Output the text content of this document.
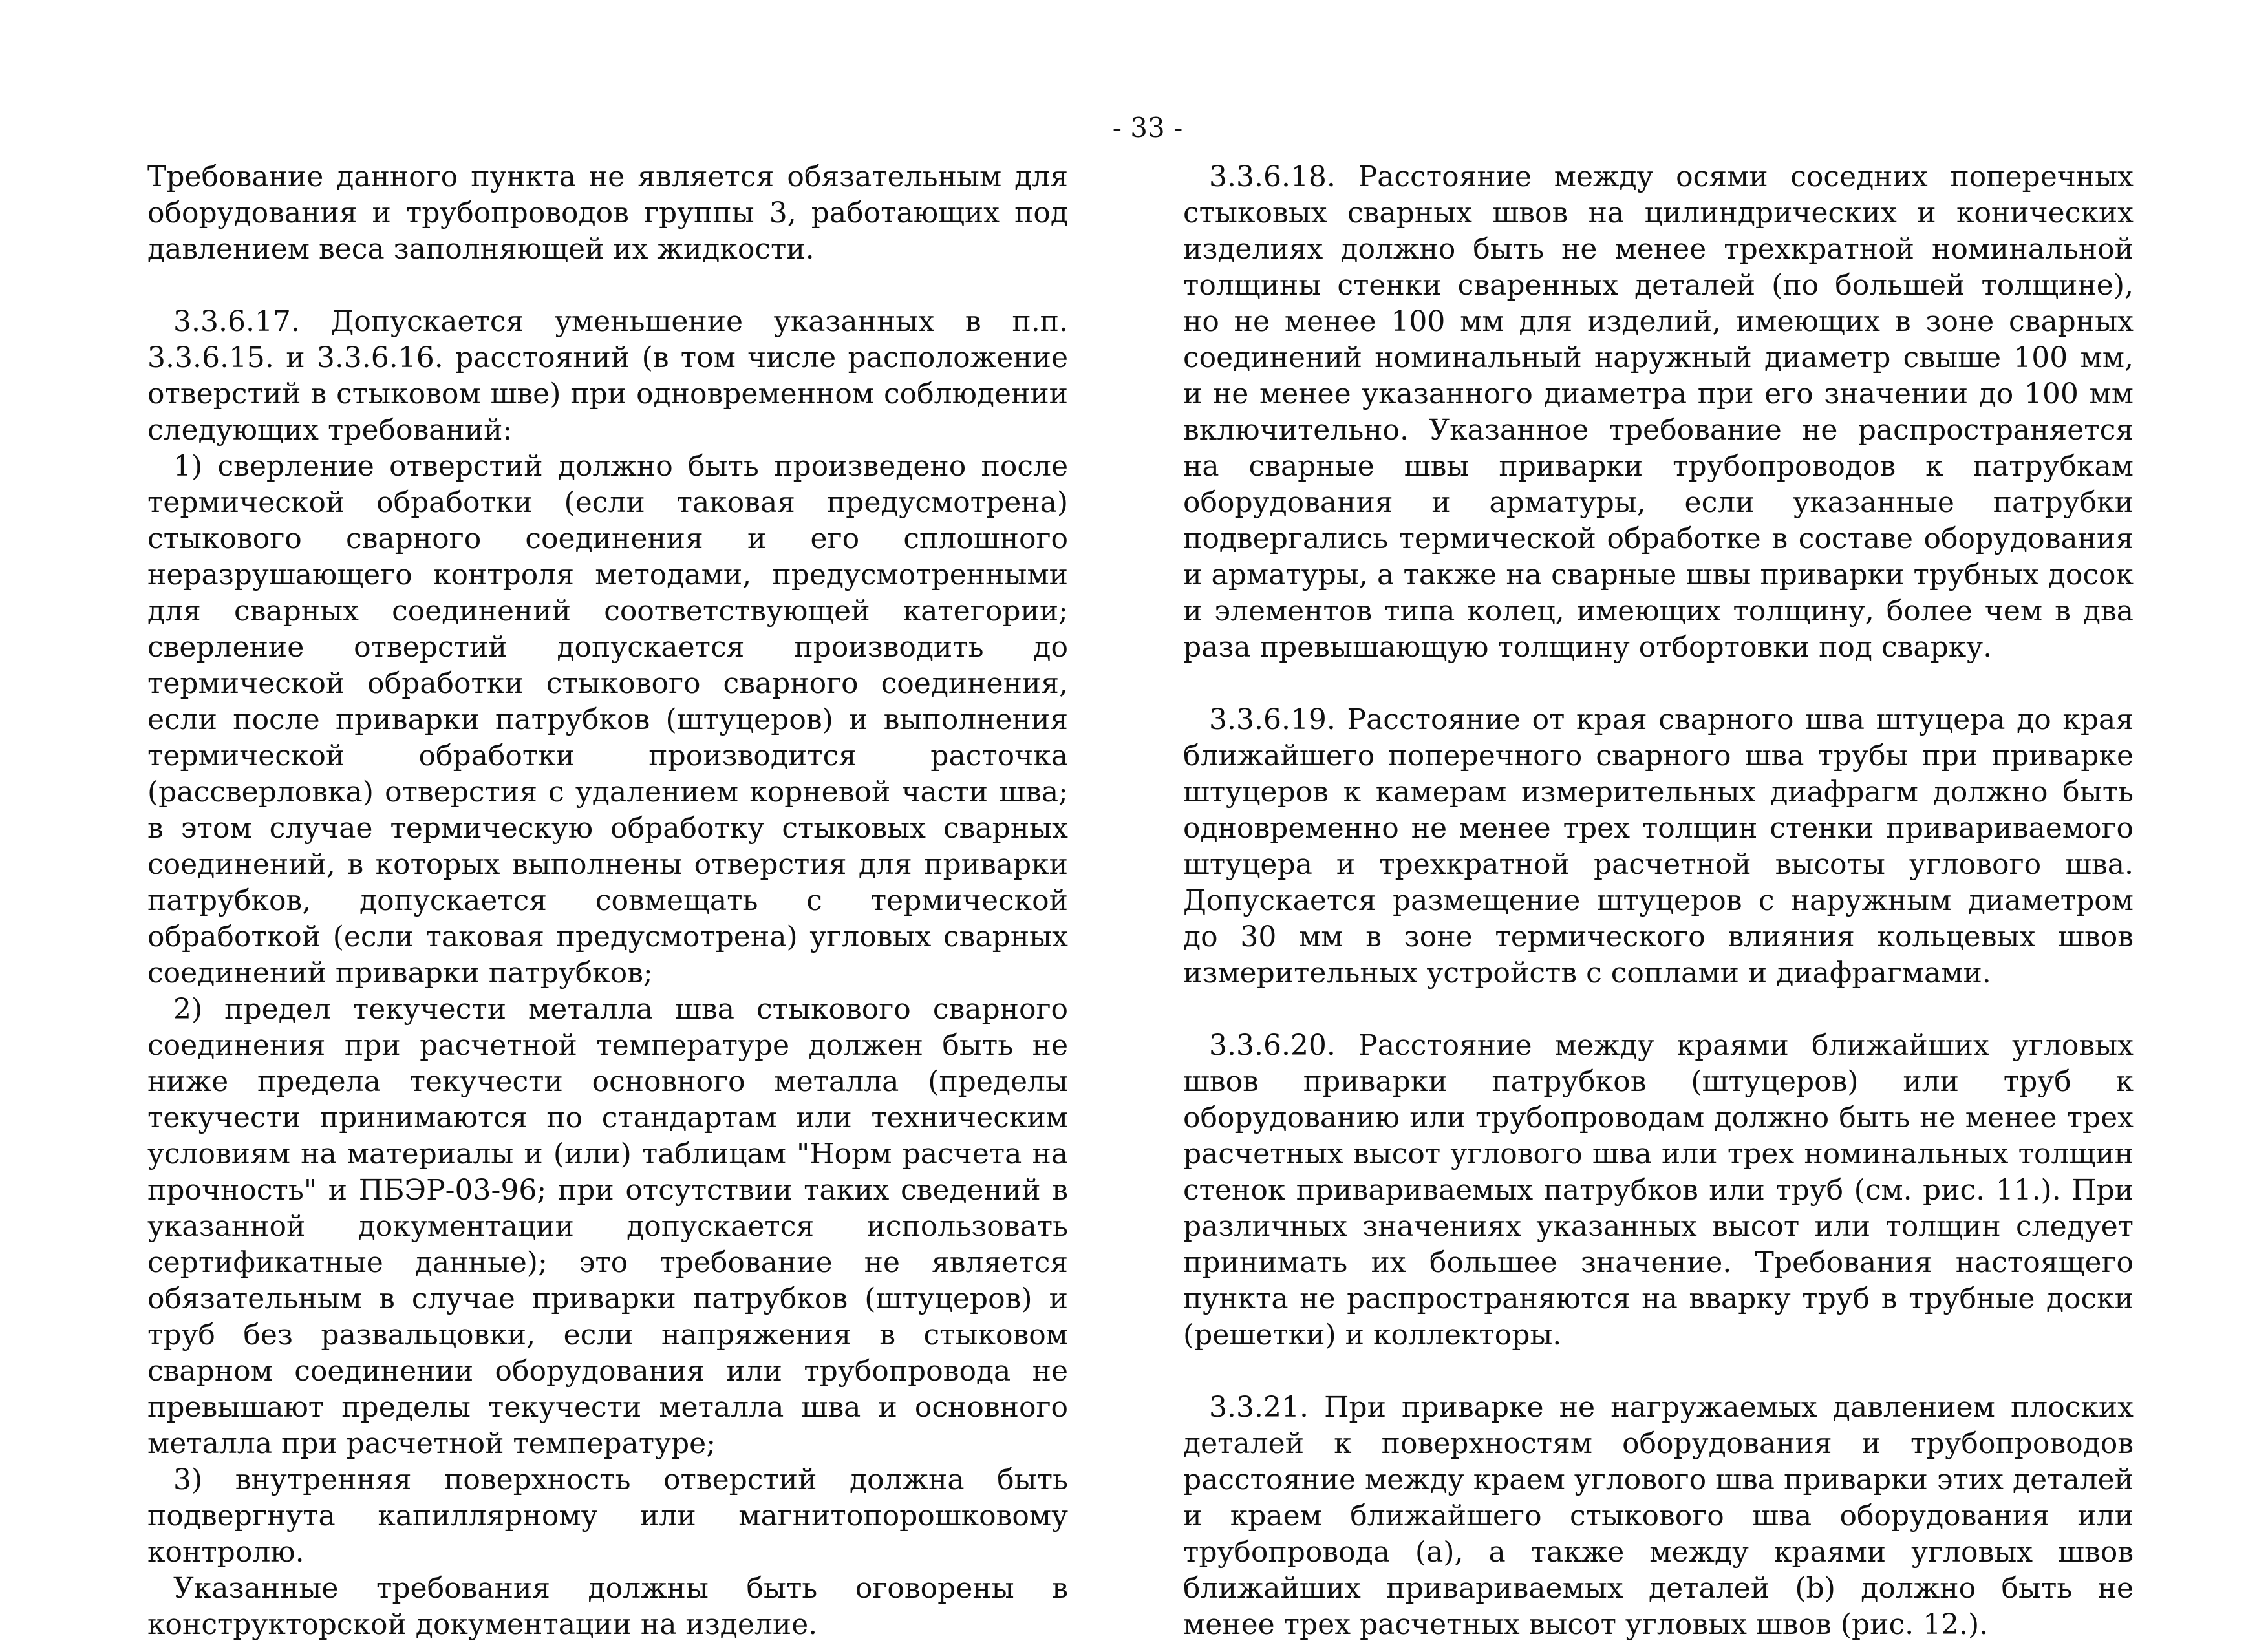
- 33 -

Требование данного пункта не является обязательным для оборудования и трубопроводов группы 3, работающих под давлением веса заполняющей их жидкости.

3.3.6.17. Допускается уменьшение указанных в п.п. 3.3.6.15. и 3.3.6.16. расстояний (в том числе расположение отверстий в стыковом шве) при одновременном соблюдении следующих требований:

1) сверление отверстий должно быть произведено после термической обработки (если таковая предусмотрена) стыкового сварного соединения и его сплошного неразрушающего контроля методами, предусмотренными для сварных соединений соответствующей категории; сверление отверстий допускается производить до термической обработки стыкового сварного соединения, если после приварки патрубков (штуцеров) и выполнения термической обработки производится расточка (рассверловка) отверстия с удалением корневой части шва; в этом случае термическую обработку стыковых сварных соединений, в которых выполнены отверстия для приварки патрубков, допускается совмещать с термической обработкой (если таковая предусмотрена) угловых сварных соединений приварки патрубков;

2) предел текучести металла шва стыкового сварного соединения при расчетной температуре должен быть не ниже предела текучести основного металла (пределы текучести принимаются по стандартам или техническим условиям на материалы и (или) таблицам "Норм расчета на прочность" и ПБЭР-03-96; при отсутствии таких сведений в указанной документации допускается использовать сертификатные данные); это требование не является обязательным в случае приварки патрубков (штуцеров) и труб без развальцовки, если напряжения в стыковом сварном соединении оборудования или трубопровода не превышают пределы текучести металла шва и основного металла при расчетной температуре;

3) внутренняя поверхность отверстий должна быть подвергнута капиллярному или магнитопорошковому контролю.

Указанные требования должны быть оговорены в конструкторской документации на изделие.

3.3.6.18. Расстояние между осями соседних поперечных стыковых сварных швов на цилиндрических и конических изделиях должно быть не менее трехкратной номинальной толщины стенки сваренных деталей (по большей толщине), но не менее 100 мм для изделий, имеющих в зоне сварных соединений номинальный наружный диаметр свыше 100 мм, и не менее указанного диаметра при его значении до 100 мм включительно. Указанное требование не распространяется на сварные швы приварки трубопроводов к патрубкам оборудования и арматуры, если указанные патрубки подвергались термической обработке в составе оборудования и арматуры, а также на сварные швы приварки трубных досок и элементов типа колец, имеющих толщину, более чем в два раза превышающую толщину отбортовки под сварку.

3.3.6.19. Расстояние от края сварного шва штуцера до края ближайшего поперечного сварного шва трубы при приварке штуцеров к камерам измерительных диафрагм должно быть одновременно не менее трех толщин стенки привариваемого штуцера и трехкратной расчетной высоты углового шва. Допускается размещение штуцеров с наружным диаметром до 30 мм в зоне термического влияния кольцевых швов измерительных устройств с соплами и диафрагмами.

3.3.6.20. Расстояние между краями ближайших угловых швов приварки патрубков (штуцеров) или труб к оборудованию или трубопроводам должно быть не менее трех расчетных высот углового шва или трех номинальных толщин стенок привариваемых патрубков или труб (см. рис. 11.). При различных значениях указанных высот или толщин следует принимать их большее значение. Требования настоящего пункта не распространяются на вварку труб в трубные доски (решетки) и коллекторы.

3.3.21. При приварке не нагружаемых давлением плоских деталей к поверхностям оборудования и трубопроводов расстояние между краем углового шва приварки этих деталей и краем ближайшего стыкового шва оборудования или трубопровода (а), а также между краями угловых швов ближайших привариваемых деталей (b) должно быть не менее трех расчетных высот угловых швов (рис. 12.).
